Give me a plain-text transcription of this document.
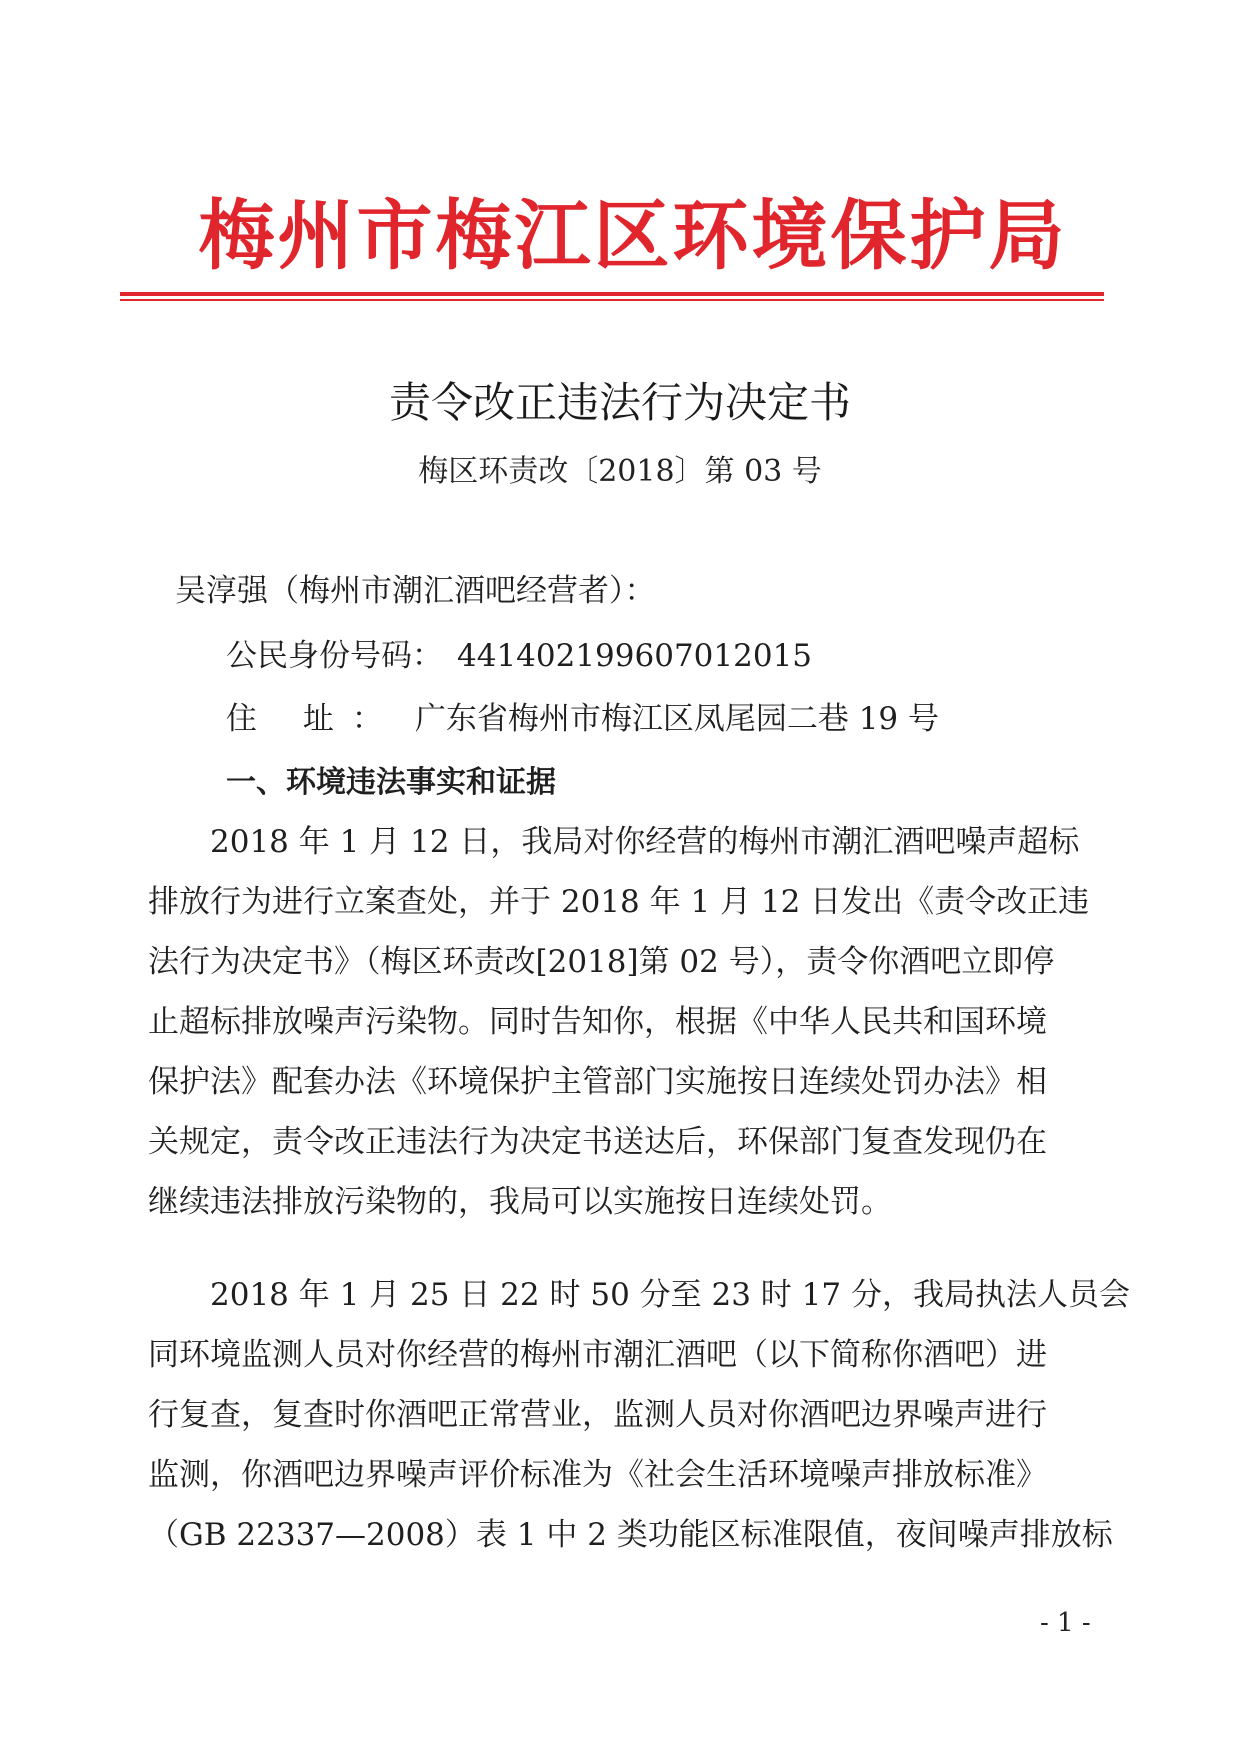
梅州市梅江区环境保护局
责令改正违法行为决定书
梅区环责改〔2018〕第 03 号
吴淳强（梅州市潮汇酒吧经营者）：
公民身份号码： 441402199607012015
住 址： 广东省梅州市梅江区凤尾园二巷 19 号
一、环境违法事实和证据
2018 年 1 月 12 日，我局对你经营的梅州市潮汇酒吧噪声超标
排放行为进行立案查处，并于 2018 年 1 月 12 日发出《责令改正违
法行为决定书》（梅区环责改[2018]第 02 号），责令你酒吧立即停
止超标排放噪声污染物。同时告知你，根据《中华人民共和国环境
保护法》配套办法《环境保护主管部门实施按日连续处罚办法》相
关规定，责令改正违法行为决定书送达后，环保部门复查发现仍在
继续违法排放污染物的，我局可以实施按日连续处罚。
2018 年 1 月 25 日 22 时 50 分至 23 时 17 分，我局执法人员会
同环境监测人员对你经营的梅州市潮汇酒吧（以下简称你酒吧）进
行复查，复查时你酒吧正常营业，监测人员对你酒吧边界噪声进行
监测，你酒吧边界噪声评价标准为《社会生活环境噪声排放标准》
（GB 22337—2008）表 1 中 2 类功能区标准限值，夜间噪声排放标
- 1 -
